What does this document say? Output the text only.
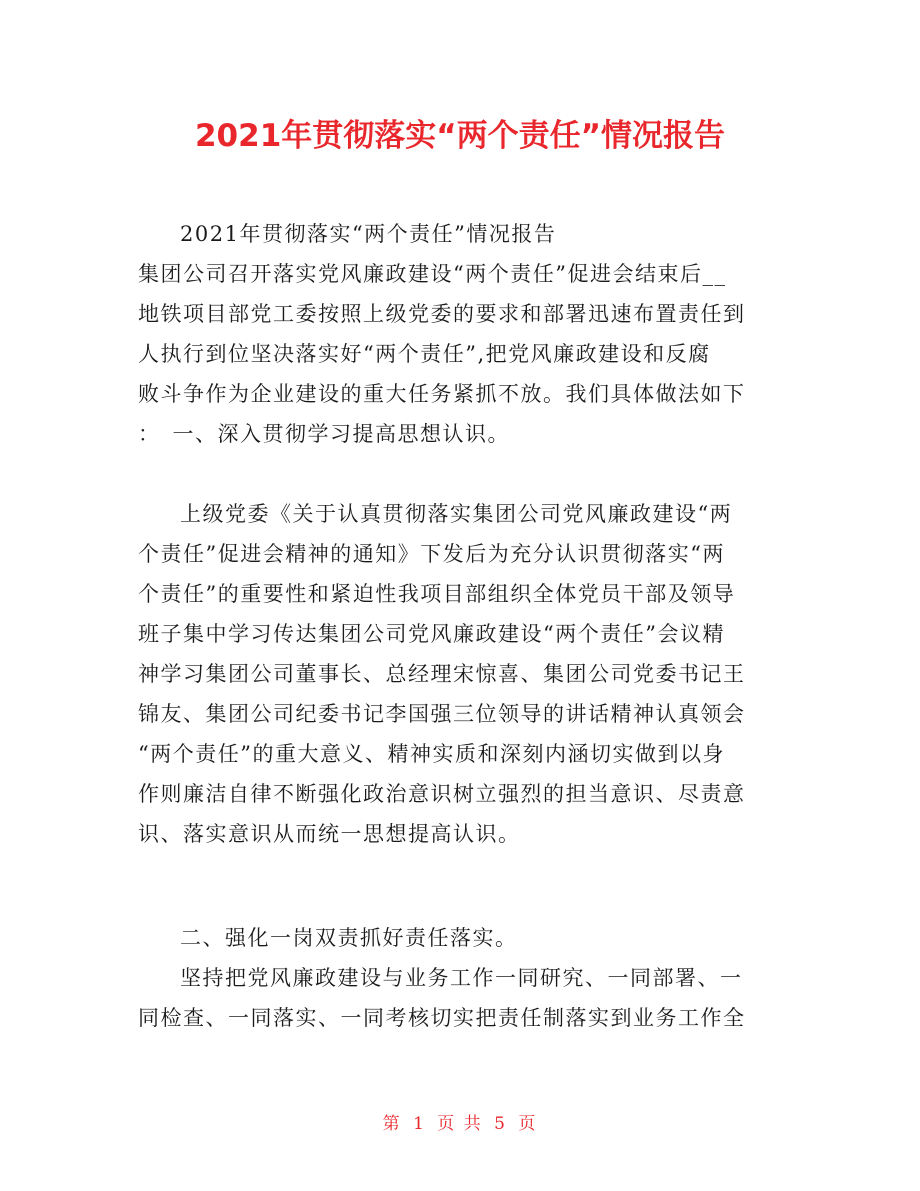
2021年贯彻落实“两个责任”情况报告
2021年贯彻落实“两个责任”情况报告
集团公司召开落实党风廉政建设“两个责任”促进会结束后__
地铁项目部党工委按照上级党委的要求和部署迅速布置责任到
人执行到位坚决落实好“两个责任”,把党风廉政建设和反腐
败斗争作为企业建设的重大任务紧抓不放。我们具体做法如下
：　一、深入贯彻学习提高思想认识。
上级党委《关于认真贯彻落实集团公司党风廉政建设“两
个责任”促进会精神的通知》下发后为充分认识贯彻落实“两
个责任”的重要性和紧迫性我项目部组织全体党员干部及领导
班子集中学习传达集团公司党风廉政建设“两个责任”会议精
神学习集团公司董事长、总经理宋惊喜、集团公司党委书记王
锦友、集团公司纪委书记李国强三位领导的讲话精神认真领会
“两个责任”的重大意义、精神实质和深刻内涵切实做到以身
作则廉洁自律不断强化政治意识树立强烈的担当意识、尽责意
识、落实意识从而统一思想提高认识。
二、强化一岗双责抓好责任落实。
坚持把党风廉政建设与业务工作一同研究、一同部署、一
同检查、一同落实、一同考核切实把责任制落实到业务工作全
第 1 页 共 5 页
